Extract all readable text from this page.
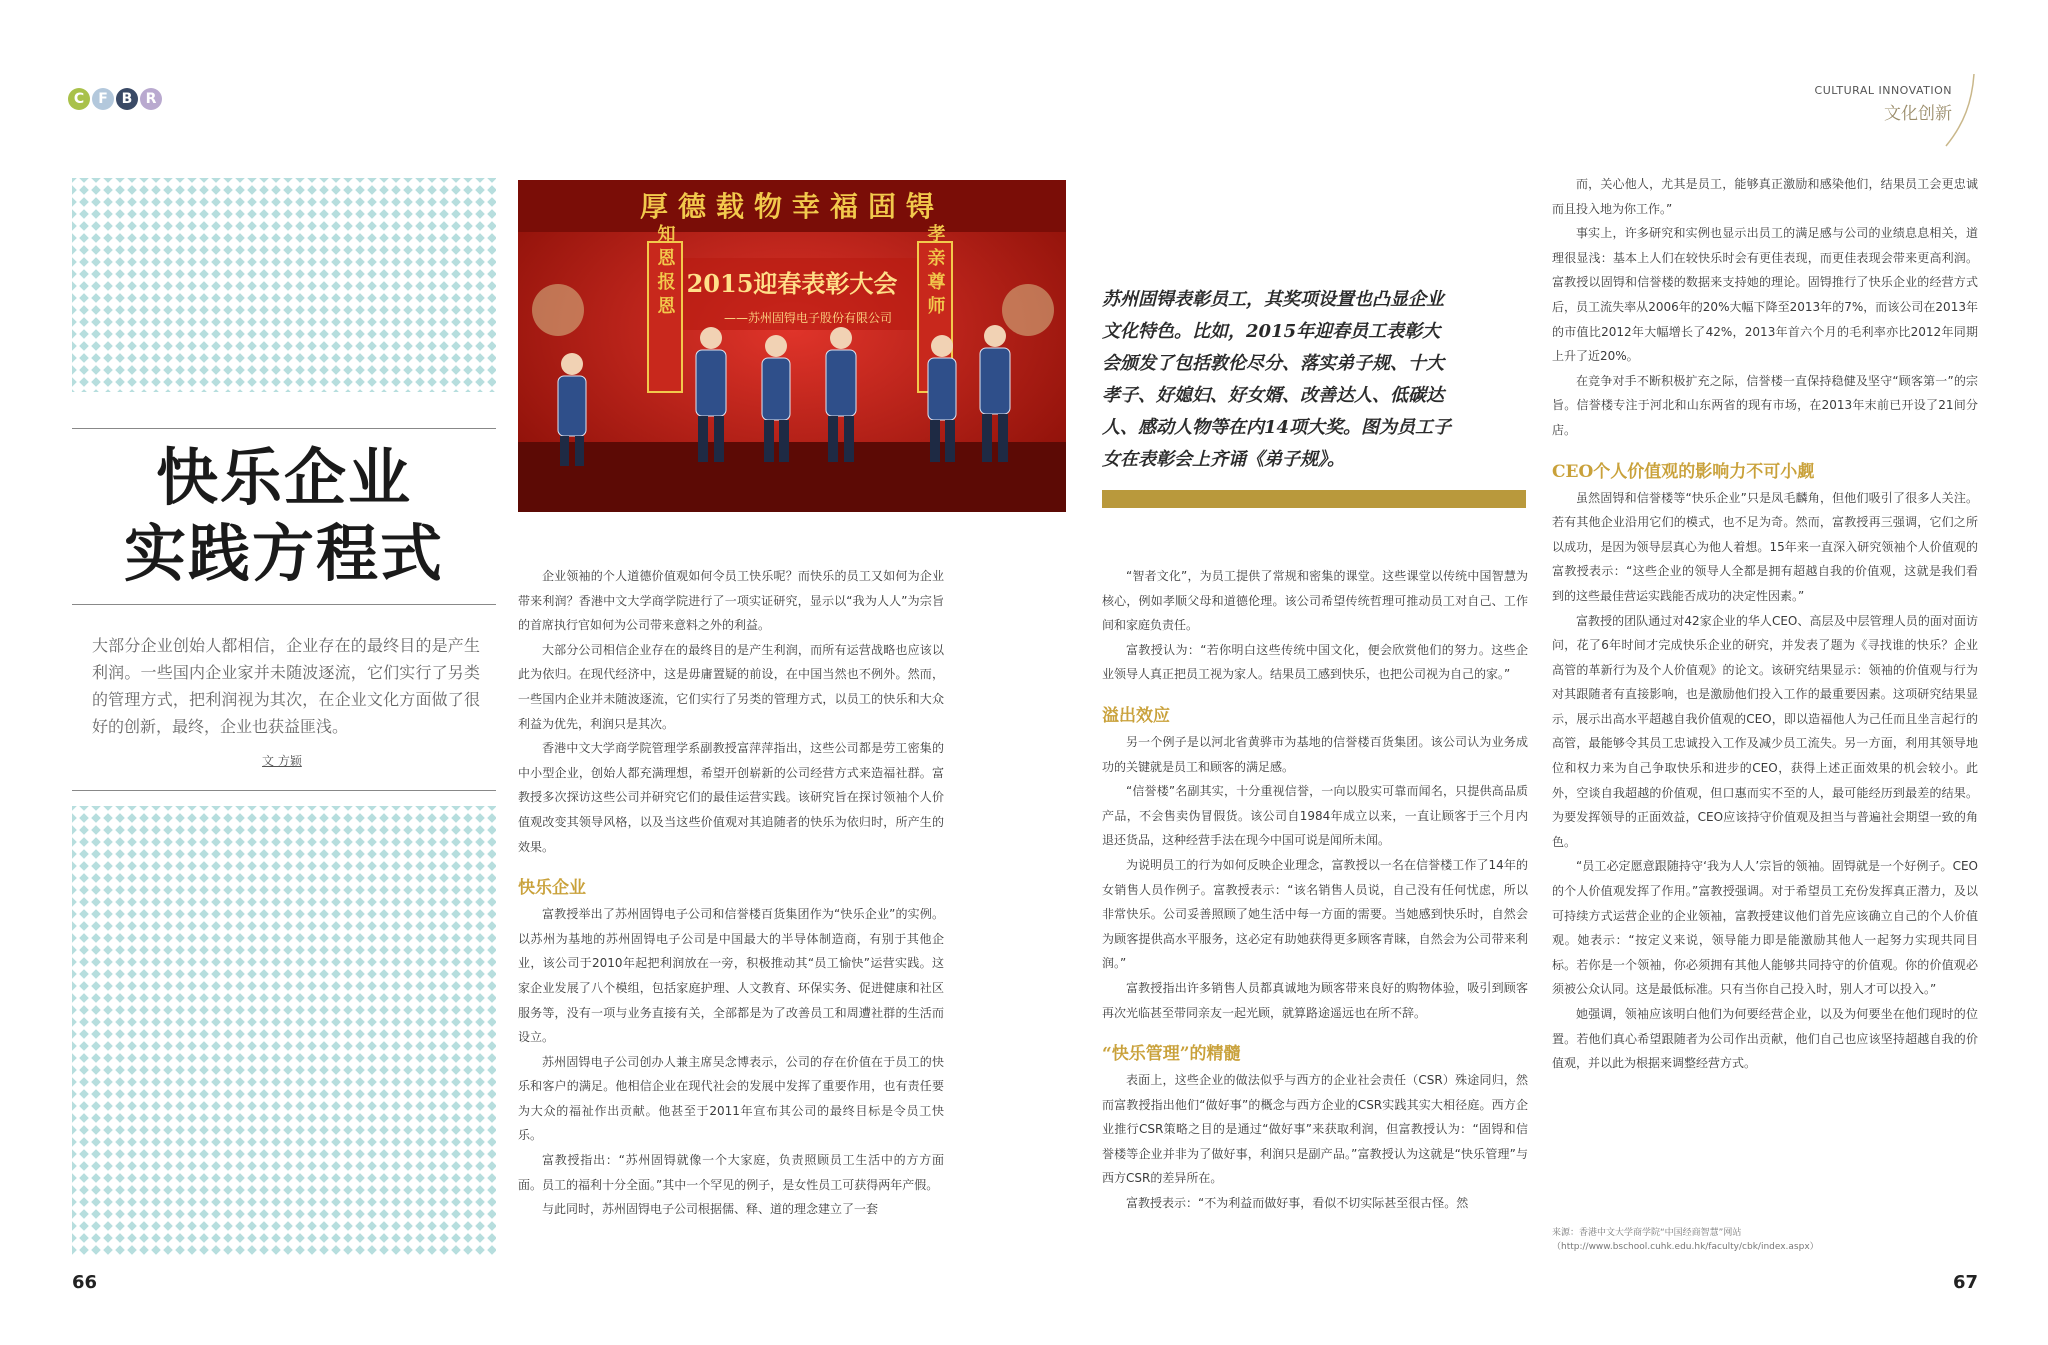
C	F B R
CULTURAL INNOVATION
文化创新
快乐企业
实践方程式
大部分企业创始人都相信，企业存在的最终目的是产生利润。一些国内企业家并未随波逐流，它们实行了另类的管理方式，把利润视为其次，在企业文化方面做了很好的创新，最终，企业也获益匪浅。
文 方颖
厚德载物幸福固锝
2015迎春表彰大会
——苏州固锝电子股份有限公司
知恩报恩	孝亲尊师

企业领袖的个人道德价值观如何令员工快乐呢？而快乐的员工又如何为企业带来利润？香港中文大学商学院进行了一项实证研究，显示以“我为人人”为宗旨的首席执行官如何为公司带来意料之外的利益。

大部分公司相信企业存在的最终目的是产生利润，而所有运营战略也应该以此为依归。在现代经济中，这是毋庸置疑的前设，在中国当然也不例外。然而，一些国内企业并未随波逐流，它们实行了另类的管理方式，以员工的快乐和大众利益为优先，利润只是其次。

香港中文大学商学院管理学系副教授富萍萍指出，这些公司都是劳工密集的中小型企业，创始人都充满理想，希望开创崭新的公司经营方式来造福社群。富教授多次探访这些公司并研究它们的最佳运营实践。该研究旨在探讨领袖个人价值观改变其领导风格，以及当这些价值观对其追随者的快乐为依归时，所产生的效果。

快乐企业

富教授举出了苏州固锝电子公司和信誉楼百货集团作为“快乐企业”的实例。以苏州为基地的苏州固锝电子公司是中国最大的半导体制造商，有别于其他企业，该公司于2010年起把利润放在一旁，积极推动其“员工愉快”运营实践。这家企业发展了八个模组，包括家庭护理、人文教育、环保实务、促进健康和社区服务等，没有一项与业务直接有关，全部都是为了改善员工和周遭社群的生活而设立。

苏州固锝电子公司创办人兼主席吴念博表示，公司的存在价值在于员工的快乐和客户的满足。他相信企业在现代社会的发展中发挥了重要作用，也有责任要为大众的福祉作出贡献。他甚至于2011年宣布其公司的最终目标是令员工快乐。

富教授指出：“苏州固锝就像一个大家庭，负责照顾员工生活中的方方面面。员工的福利十分全面。”其中一个罕见的例子，是女性员工可获得两年产假。

与此同时，苏州固锝电子公司根据儒、释、道的理念建立了一套

苏州固锝表彰员工，其奖项设置也凸显企业文化特色。比如，2015年迎春员工表彰大会颁发了包括敦伦尽分、落实弟子规、十大孝子、好媳妇、好女婿、改善达人、低碳达人、感动人物等在内14项大奖。图为员工子女在表彰会上齐诵《弟子规》。

“智者文化”，为员工提供了常规和密集的课堂。这些课堂以传统中国智慧为核心，例如孝顺父母和道德伦理。该公司希望传统哲理可推动员工对自己、工作间和家庭负责任。

富教授认为：“若你明白这些传统中国文化，便会欣赏他们的努力。这些企业领导人真正把员工视为家人。结果员工感到快乐，也把公司视为自己的家。”

溢出效应

另一个例子是以河北省黄骅市为基地的信誉楼百货集团。该公司认为业务成功的关键就是员工和顾客的满足感。

“信誉楼”名副其实，十分重视信誉，一向以股实可靠而闻名，只提供高品质产品，不会售卖伪冒假货。该公司自1984年成立以来，一直让顾客于三个月内退还货品，这种经营手法在现今中国可说是闻所未闻。

为说明员工的行为如何反映企业理念，富教授以一名在信誉楼工作了14年的女销售人员作例子。富教授表示：“该名销售人员说，自己没有任何忧虑，所以非常快乐。公司妥善照顾了她生活中每一方面的需要。当她感到快乐时，自然会为顾客提供高水平服务，这必定有助她获得更多顾客青睐，自然会为公司带来利润。”

富教授指出许多销售人员都真诚地为顾客带来良好的购物体验，吸引到顾客再次光临甚至带同亲友一起光顾，就算路途遥远也在所不辞。

“快乐管理”的精髓

表面上，这些企业的做法似乎与西方的企业社会责任（CSR）殊途同归，然而富教授指出他们“做好事”的概念与西方企业的CSR实践其实大相径庭。西方企业推行CSR策略之目的是通过“做好事”来获取利润，但富教授认为：“固锝和信誉楼等企业并非为了做好事，利润只是副产品。”富教授认为这就是“快乐管理”与西方CSR的差异所在。

富教授表示：“不为利益而做好事，看似不切实际甚至很古怪。然

而，关心他人，尤其是员工，能够真正激励和感染他们，结果员工会更忠诚而且投入地为你工作。”

事实上，许多研究和实例也显示出员工的满足感与公司的业绩息息相关，道理很显浅：基本上人们在较快乐时会有更佳表现，而更佳表现会带来更高利润。富教授以固锝和信誉楼的数据来支持她的理论。固锝推行了快乐企业的经营方式后，员工流失率从2006年的20%大幅下降至2013年的7%，而该公司在2013年的市值比2012年大幅增长了42%，2013年首六个月的毛利率亦比2012年同期上升了近20%。

在竞争对手不断积极扩充之际，信誉楼一直保持稳健及坚守“顾客第一”的宗旨。信誉楼专注于河北和山东两省的现有市场，在2013年末前已开设了21间分店。

CEO个人价值观的影响力不可小觑

虽然固锝和信誉楼等“快乐企业”只是凤毛麟角，但他们吸引了很多人关注。若有其他企业沿用它们的模式，也不足为奇。然而，富教授再三强调，它们之所以成功，是因为领导层真心为他人着想。15年来一直深入研究领袖个人价值观的富教授表示：“这些企业的领导人全都是拥有超越自我的价值观，这就是我们看到的这些最佳营运实践能否成功的决定性因素。”

富教授的团队通过对42家企业的华人CEO、高层及中层管理人员的面对面访问，花了6年时间才完成快乐企业的研究，并发表了题为《寻找谁的快乐？企业高管的革新行为及个人价值观》的论文。该研究结果显示：领袖的价值观与行为对其跟随者有直接影响，也是激励他们投入工作的最重要因素。这项研究结果显示，展示出高水平超越自我价值观的CEO，即以造福他人为己任而且坐言起行的高管，最能够令其员工忠诚投入工作及减少员工流失。另一方面，利用其领导地位和权力来为自己争取快乐和进步的CEO，获得上述正面效果的机会较小。此外，空谈自我超越的价值观，但口惠而实不至的人，最可能经历到最差的结果。为要发挥领导的正面效益，CEO应该持守价值观及担当与普遍社会期望一致的角色。

“员工必定愿意跟随持守‘我为人人’宗旨的领袖。固锝就是一个好例子。CEO的个人价值观发挥了作用。”富教授强调。对于希望员工充份发挥真正潜力，及以可持续方式运营企业的企业领袖，富教授建议他们首先应该确立自己的个人价值观。她表示：“按定义来说，领导能力即是能激励其他人一起努力实现共同目标。若你是一个领袖，你必须拥有其他人能够共同持守的价值观。你的价值观必须被公众认同。这是最低标准。只有当你自己投入时，别人才可以投入。”

她强调，领袖应该明白他们为何要经营企业，以及为何要坐在他们现时的位置。若他们真心希望跟随者为公司作出贡献，他们自己也应该坚持超越自我的价值观，并以此为根据来调整经营方式。

来源：香港中文大学商学院“中国经商智慧”网站
（http://www.bschool.cuhk.edu.hk/faculty/cbk/index.aspx）
66	67
